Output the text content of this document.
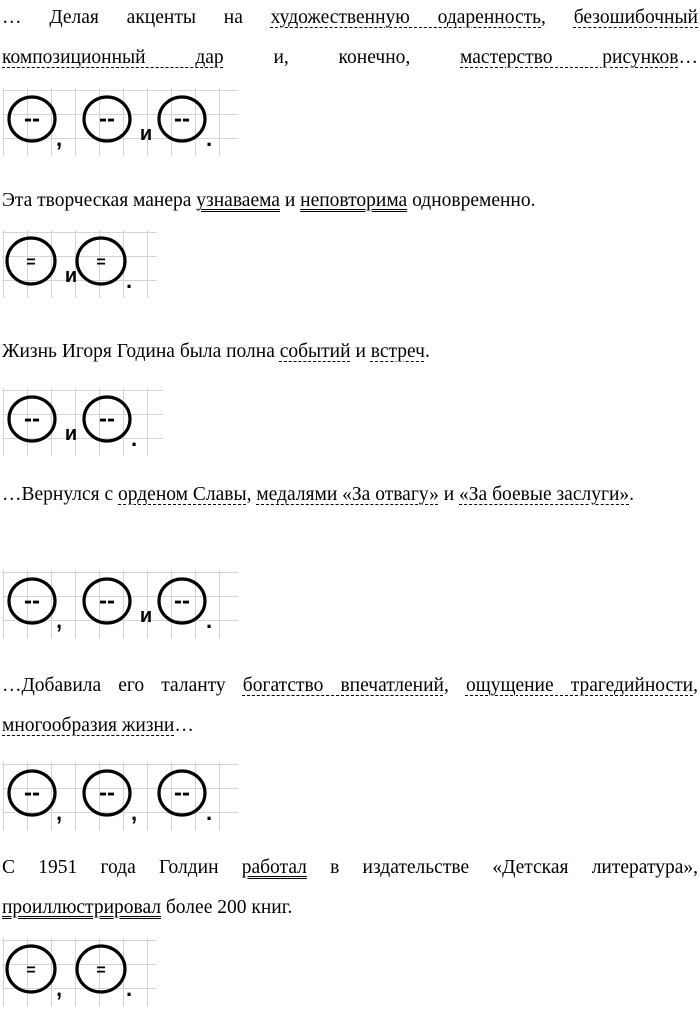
… Делая акценты на художественную одаренность, безошибочный композиционный дар и, конечно, мастерство рисунков…

--
,
--
и
--
.

Эта творческая манера узнаваема и неповторима одновременно.

=
и
=
.

Жизнь Игоря Година была полна событий и встреч.

--
и
--
.

…Вернулся с орденом Славы, медалями «За отвагу» и «За боевые заслуги».

--
,
--
и
--
.

…Добавила его таланту богатство впечатлений, ощущение трагедийности, многообразия жизни…

--
,
--
,
--
.

С 1951 года Голдин работал в издательстве «Детская литература», проиллюстрировал более 200 книг.

=
,
=
.
